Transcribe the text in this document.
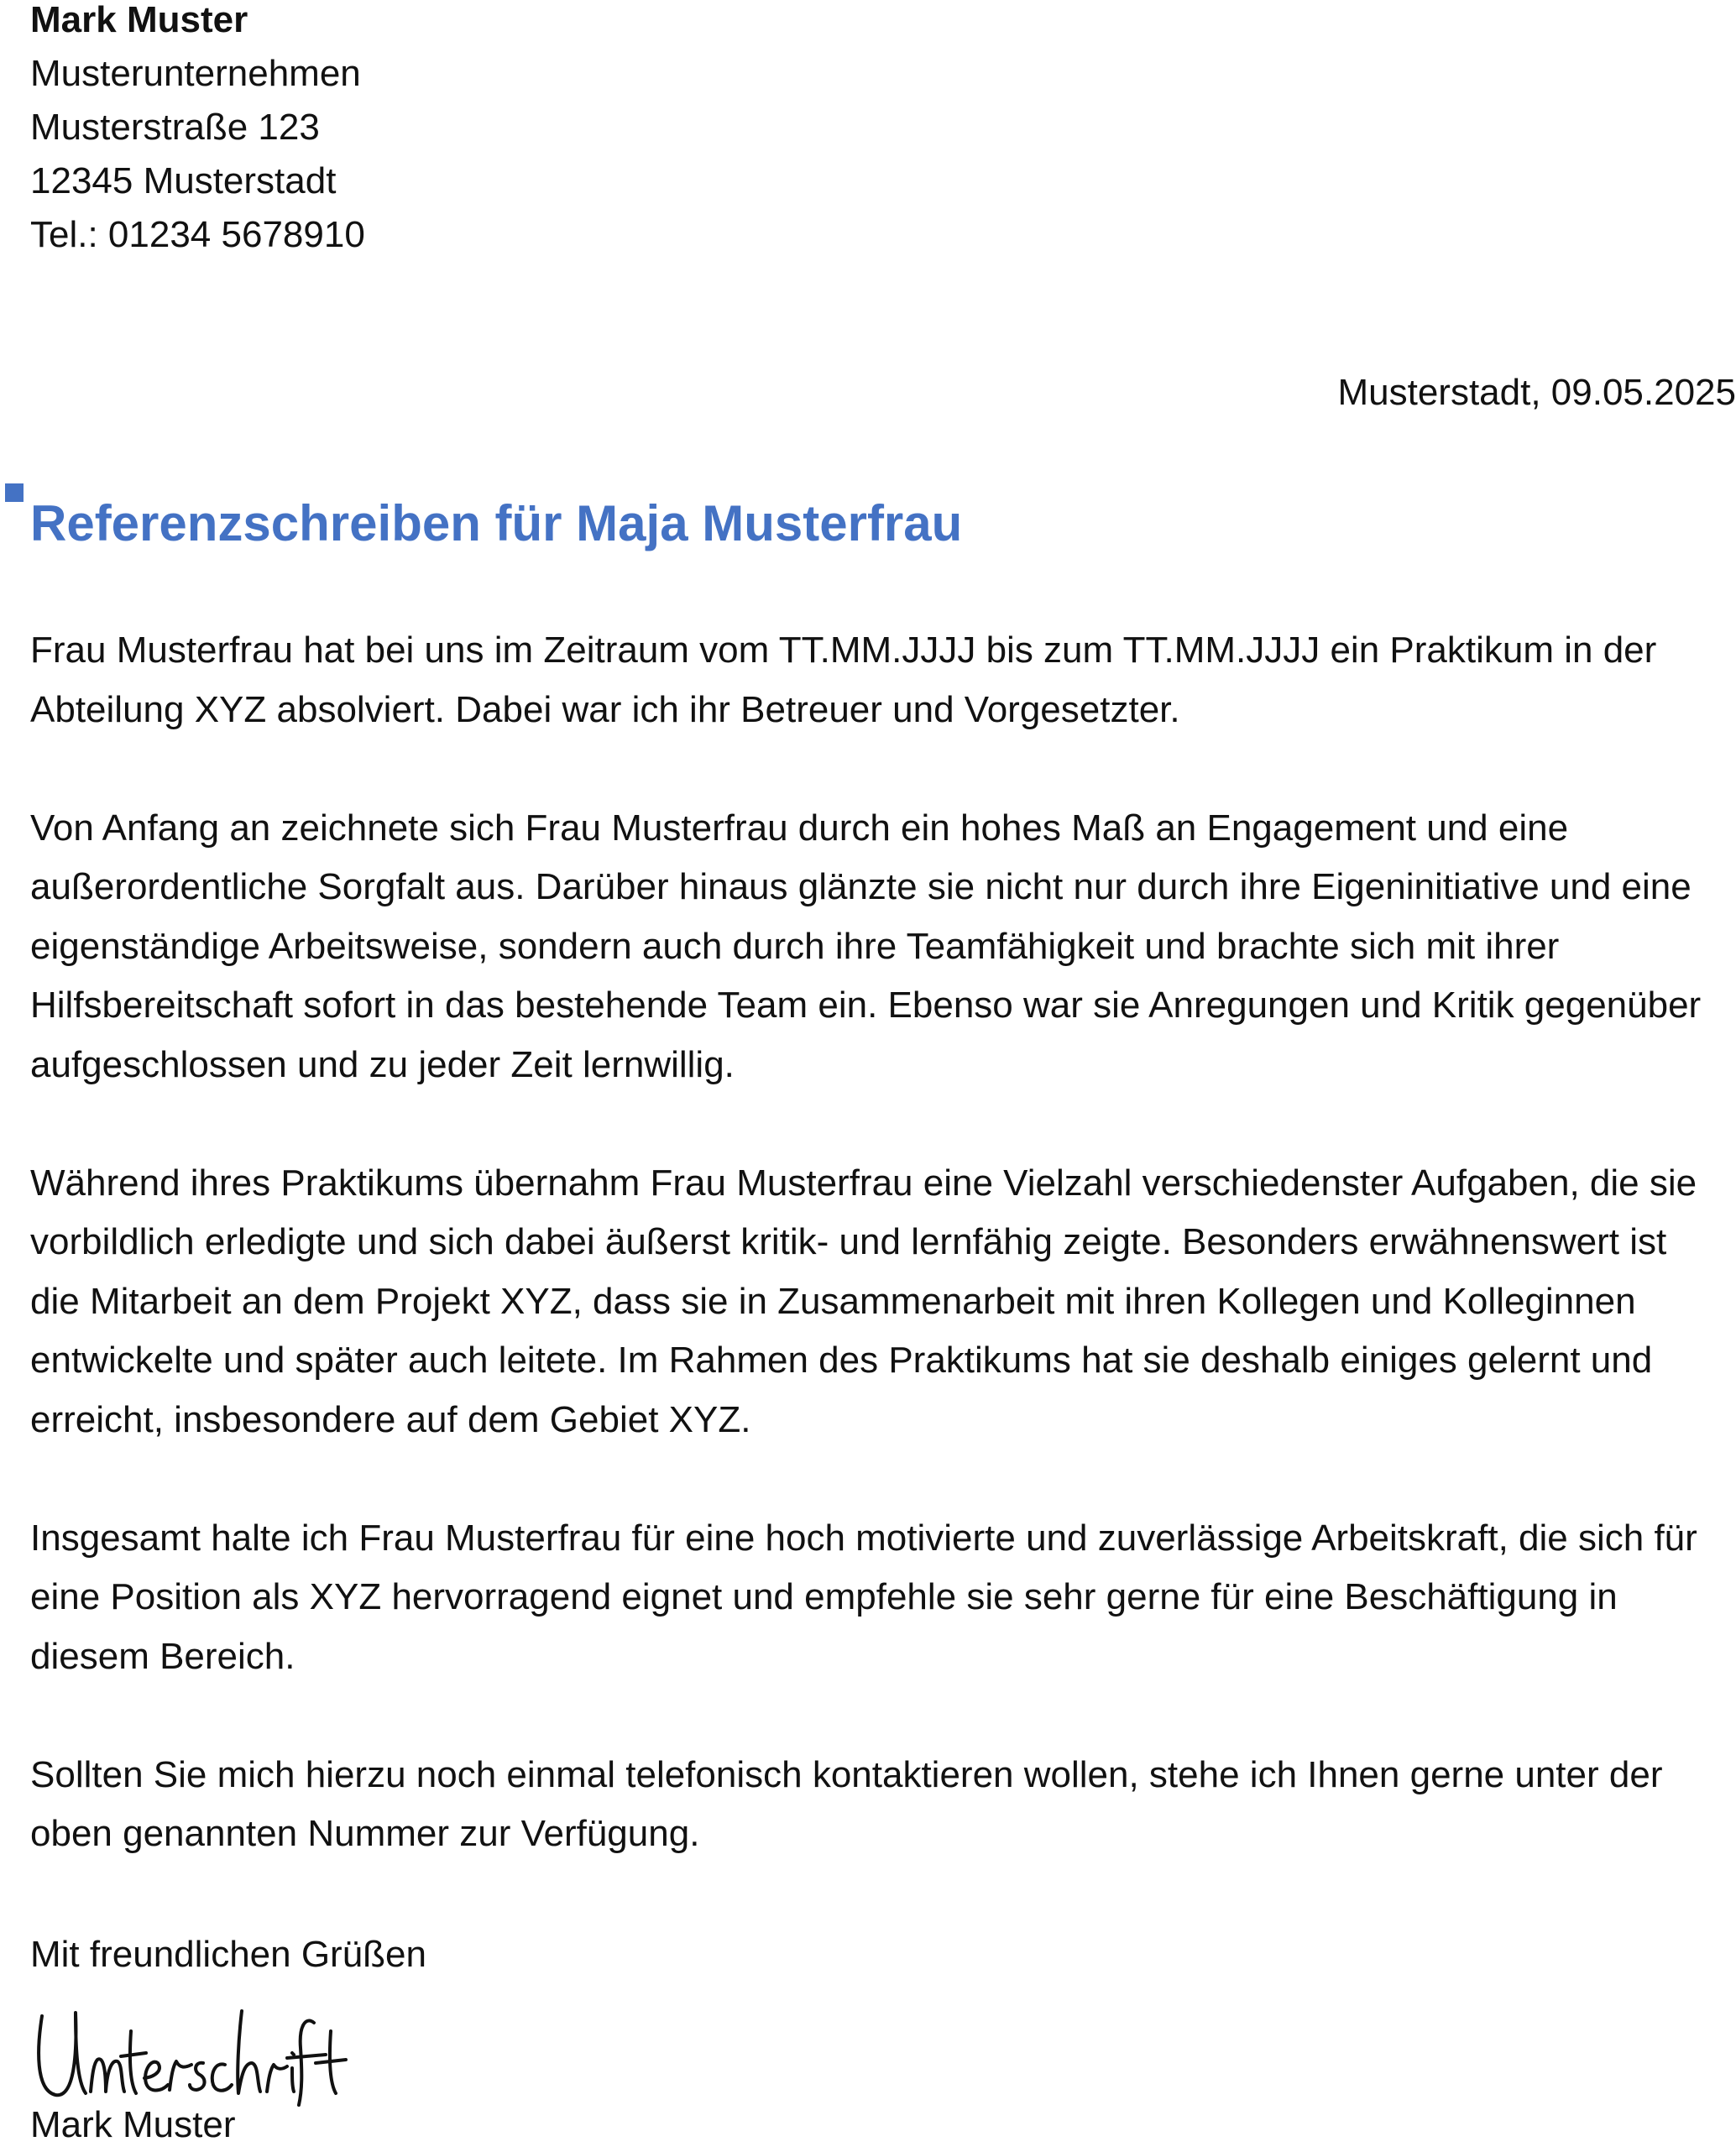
Mark Muster
Musterunternehmen
Musterstraße 123
12345 Musterstadt
Tel.: 01234 5678910
Musterstadt, 09.05.2025
Referenzschreiben für Maja Musterfrau

Frau Musterfrau hat bei uns im Zeitraum vom TT.MM.JJJJ bis zum TT.MM.JJJJ ein Praktikum in der Abteilung XYZ absolviert. Dabei war ich ihr Betreuer und Vorgesetzter.

Von Anfang an zeichnete sich Frau Musterfrau durch ein hohes Maß an Engagement und eine außerordentliche Sorgfalt aus. Darüber hinaus glänzte sie nicht nur durch ihre Eigeninitiative und eine eigenständige Arbeitsweise, sondern auch durch ihre Teamfähigkeit und brachte sich mit ihrer Hilfsbereitschaft sofort in das bestehende Team ein. Ebenso war sie Anregungen und Kritik gegenüber aufgeschlossen und zu jeder Zeit lernwillig.

Während ihres Praktikums übernahm Frau Musterfrau eine Vielzahl verschiedenster Aufgaben, die sie vorbildlich erledigte und sich dabei äußerst kritik- und lernfähig zeigte. Besonders erwähnenswert ist die Mitarbeit an dem Projekt XYZ, dass sie in Zusammenarbeit mit ihren Kollegen und Kolleginnen entwickelte und später auch leitete. Im Rahmen des Praktikums hat sie deshalb einiges gelernt und erreicht, insbesondere auf dem Gebiet XYZ.

Insgesamt halte ich Frau Musterfrau für eine hoch motivierte und zuverlässige Arbeitskraft, die sich für eine Position als XYZ hervorragend eignet und empfehle sie sehr gerne für eine Beschäftigung in diesem Bereich.

Sollten Sie mich hierzu noch einmal telefonisch kontaktieren wollen, stehe ich Ihnen gerne unter der oben genannten Nummer zur Verfügung.

Mit freundlichen Grüßen
Mark Muster
